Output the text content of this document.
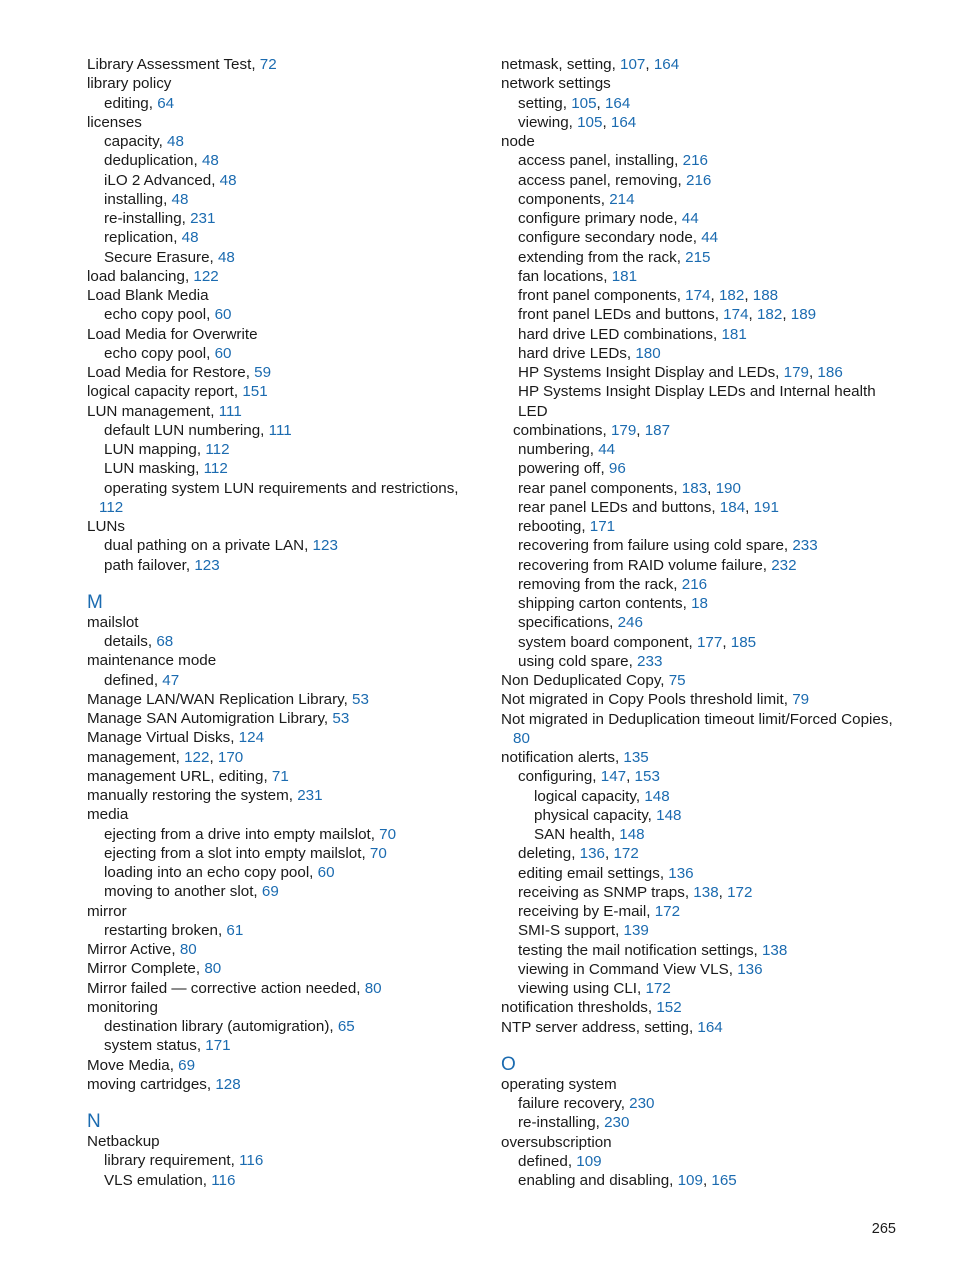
Library Assessment Test, 72
library policy
editing, 64
licenses
capacity, 48
deduplication, 48
iLO 2 Advanced, 48
installing, 48
re-installing, 231
replication, 48
Secure Erasure, 48
load balancing, 122
Load Blank Media
echo copy pool, 60
Load Media for Overwrite
echo copy pool, 60
Load Media for Restore, 59
logical capacity report, 151
LUN management, 111
default LUN numbering, 111
LUN mapping, 112
LUN masking, 112
operating system LUN requirements and restrictions,
112
LUNs
dual pathing on a private LAN, 123
path failover, 123
M
mailslot
details, 68
maintenance mode
defined, 47
Manage LAN/WAN Replication Library, 53
Manage SAN Automigration Library, 53
Manage Virtual Disks, 124
management, 122, 170
management URL, editing, 71
manually restoring the system, 231
media
ejecting from a drive into empty mailslot, 70
ejecting from a slot into empty mailslot, 70
loading into an echo copy pool, 60
moving to another slot, 69
mirror
restarting broken, 61
Mirror Active, 80
Mirror Complete, 80
Mirror failed — corrective action needed, 80
monitoring
destination library (automigration), 65
system status, 171
Move Media, 69
moving cartridges, 128
N
Netbackup
library requirement, 116
VLS emulation, 116
netmask, setting, 107, 164
network settings
setting, 105, 164
viewing, 105, 164
node
access panel, installing, 216
access panel, removing, 216
components, 214
configure primary node, 44
configure secondary node, 44
extending from the rack, 215
fan locations, 181
front panel components, 174, 182, 188
front panel LEDs and buttons, 174, 182, 189
hard drive LED combinations, 181
hard drive LEDs, 180
HP Systems Insight Display and LEDs, 179, 186
HP Systems Insight Display LEDs and Internal health LED
combinations, 179, 187
numbering, 44
powering off, 96
rear panel components, 183, 190
rear panel LEDs and buttons, 184, 191
rebooting, 171
recovering from failure using cold spare, 233
recovering from RAID volume failure, 232
removing from the rack, 216
shipping carton contents, 18
specifications, 246
system board component, 177, 185
using cold spare, 233
Non Deduplicated Copy, 75
Not migrated in Copy Pools threshold limit, 79
Not migrated in Deduplication timeout limit/Forced Copies,
80
notification alerts, 135
configuring, 147, 153
logical capacity, 148
physical capacity, 148
SAN health, 148
deleting, 136, 172
editing email settings, 136
receiving as SNMP traps, 138, 172
receiving by E-mail, 172
SMI-S support, 139
testing the mail notification settings, 138
viewing in Command View VLS, 136
viewing using CLI, 172
notification thresholds, 152
NTP server address, setting, 164
O
operating system
failure recovery, 230
re-installing, 230
oversubscription
defined, 109
enabling and disabling, 109, 165
265
